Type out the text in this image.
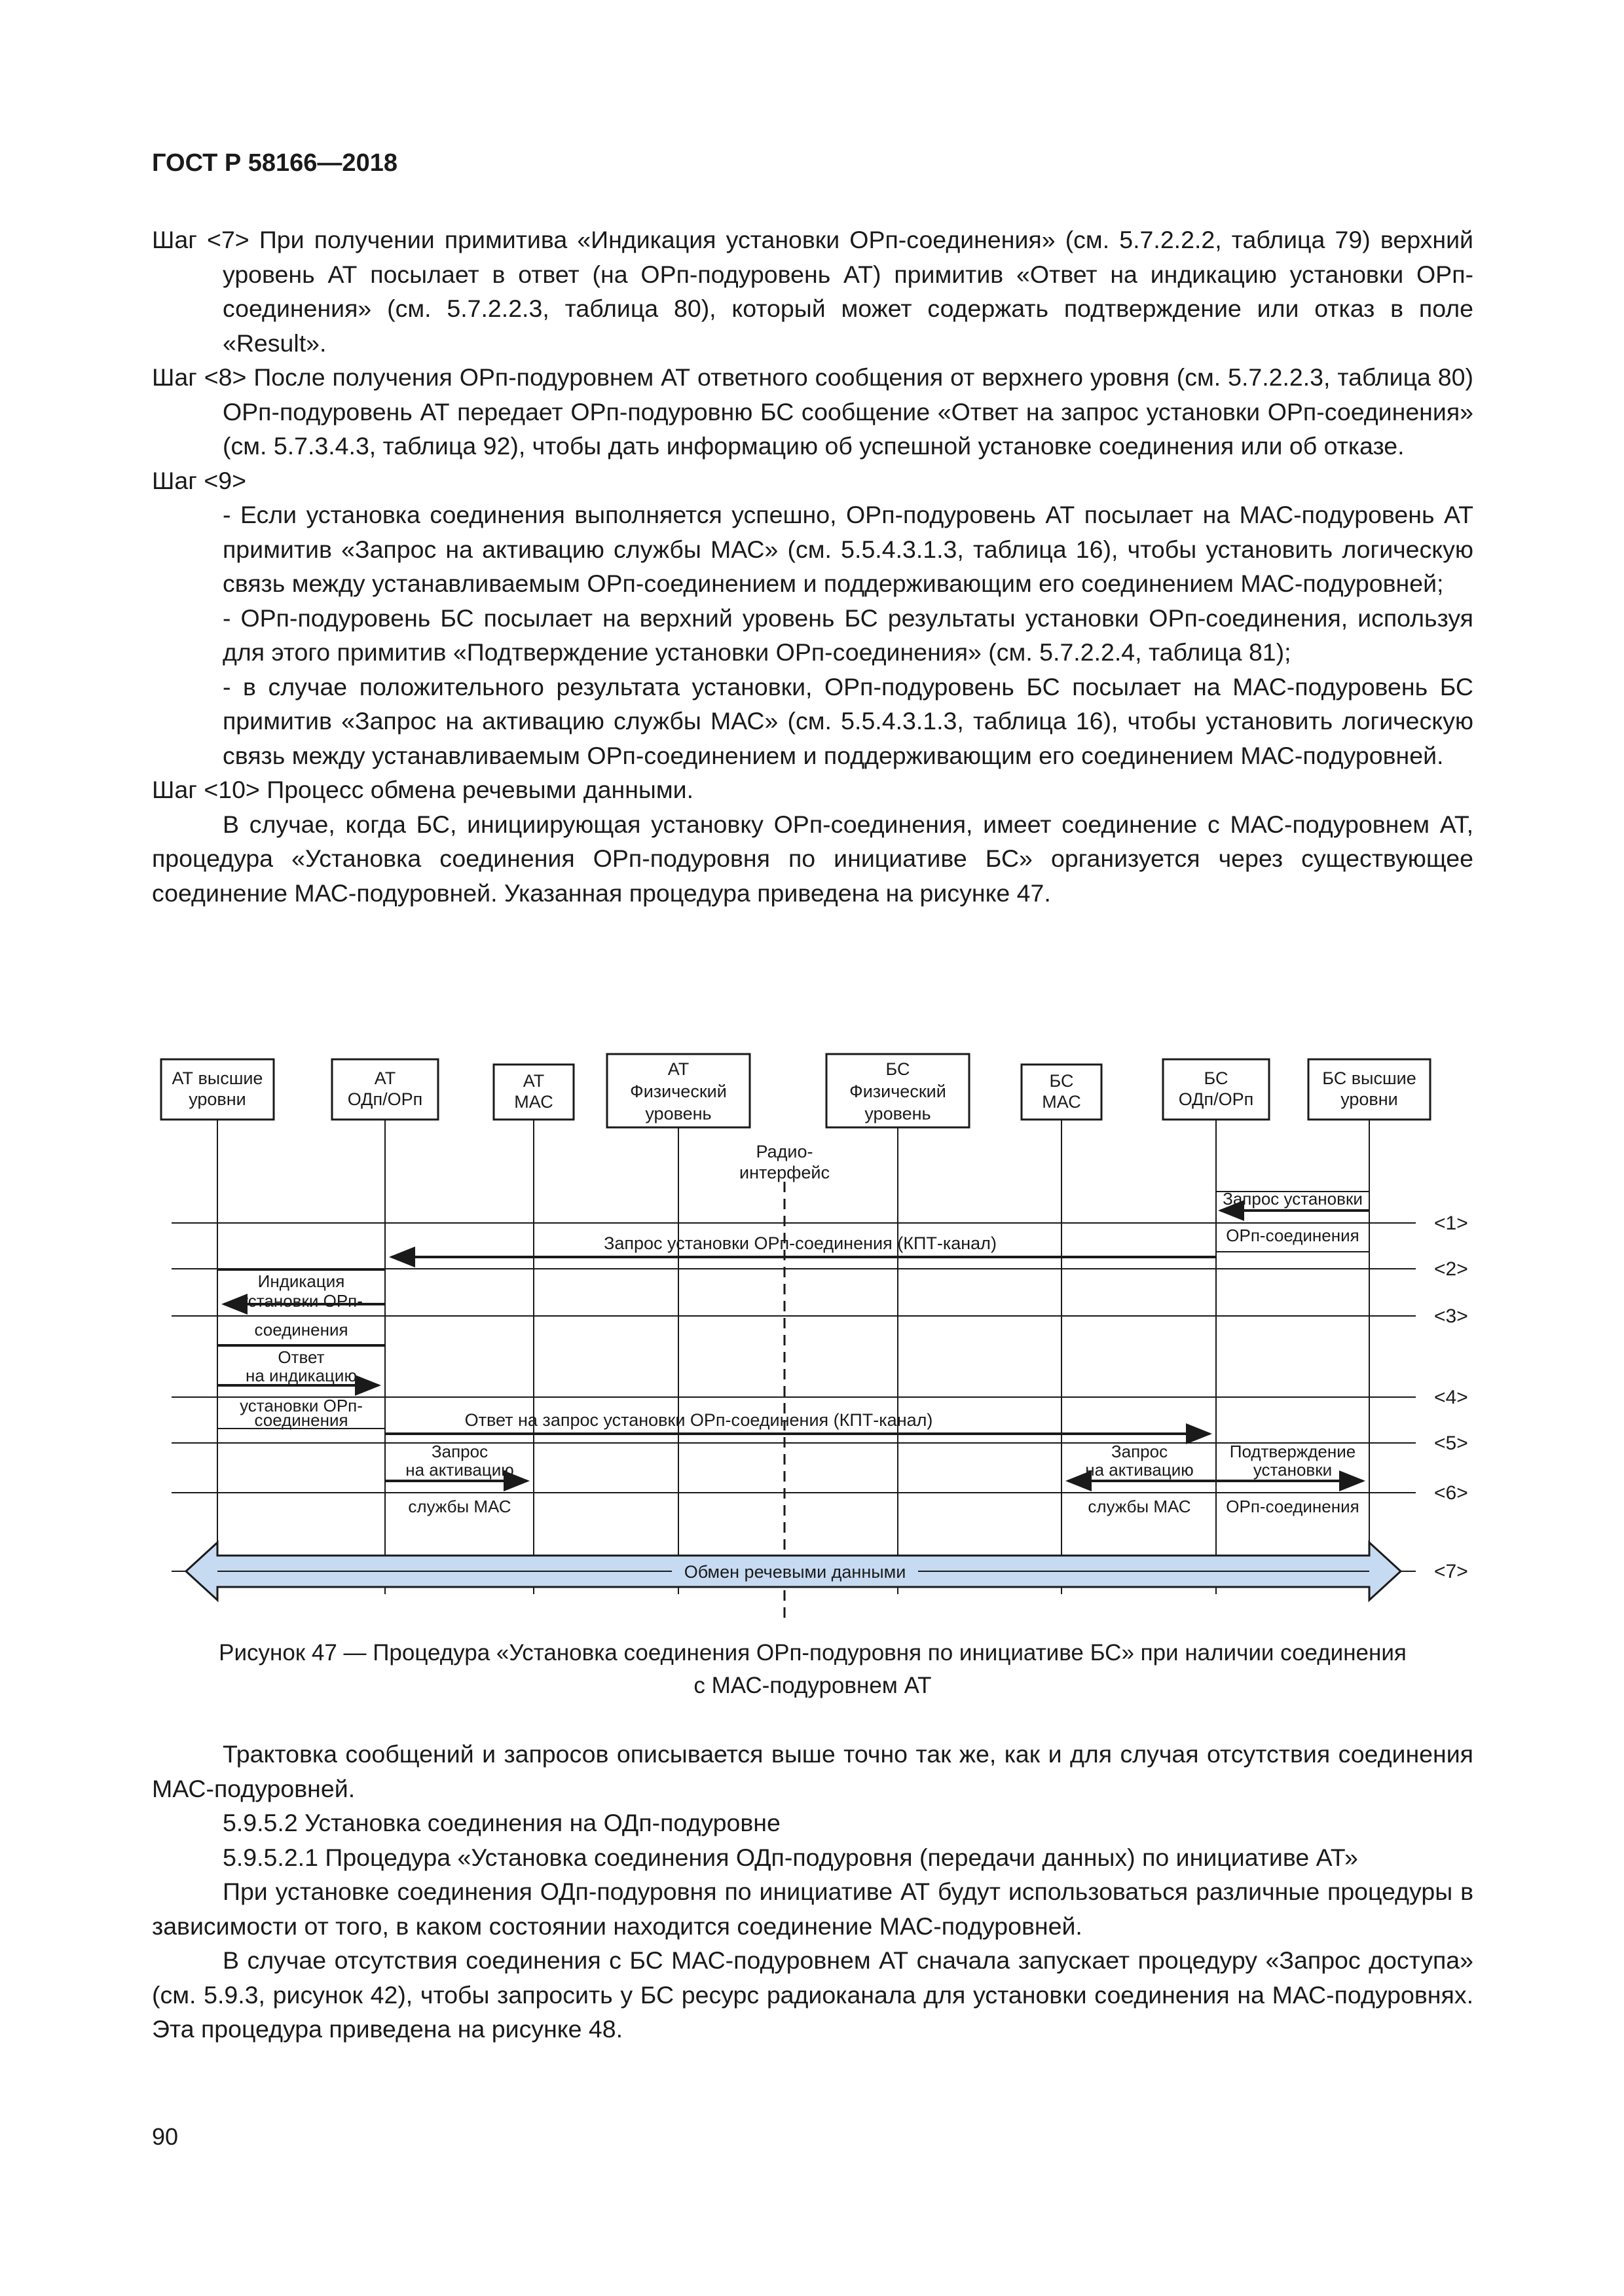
ГОСТ Р 58166—2018
Шаг <7> При получении примитива «Индикация установки ОРп-соединения» (см. 5.7.2.2.2, таблица 79) верхний уровень АТ посылает в ответ (на ОРп-подуровень АТ) примитив «Ответ на индикацию установки ОРп-соединения» (см. 5.7.2.2.3, таблица 80), который может содержать подтверждение или отказ в поле «Result».
Шаг <8> После получения ОРп-подуровнем АТ ответного сообщения от верхнего уровня (см. 5.7.2.2.3, таблица 80) ОРп-подуровень АТ передает ОРп-подуровню БС сообщение «Ответ на запрос установки ОРп-соединения» (см. 5.7.3.4.3, таблица 92), чтобы дать информацию об успешной установке соединения или об отказе.
Шаг <9>
- Если установка соединения выполняется успешно, ОРп-подуровень АТ посылает на МАС-подуровень АТ примитив «Запрос на активацию службы МАС» (см. 5.5.4.3.1.3, таблица 16), чтобы установить логическую связь между устанавливаемым ОРп-соединением и поддерживающим его соединением МАС-подуровней;
- ОРп-подуровень БС посылает на верхний уровень БС результаты установки ОРп-соединения, используя для этого примитив «Подтверждение установки ОРп-соединения» (см. 5.7.2.2.4, таблица 81);
- в случае положительного результата установки, ОРп-подуровень БС посылает на МАС-подуровень БС примитив «Запрос на активацию службы МАС» (см. 5.5.4.3.1.3, таблица 16), чтобы установить логическую связь между устанавливаемым ОРп-соединением и поддерживающим его соединением МАС-подуровней.
Шаг <10> Процесс обмена речевыми данными.
В случае, когда БС, инициирующая установку ОРп-соединения, имеет соединение с МАС-подуровнем АТ, процедура «Установка соединения ОРп-подуровня по инициативе БС» организуется через существующее соединение МАС-подуровней. Указанная процедура приведена на рисунке 47.
АТ высшие
уровни
АТ
ОДп/ОРп
АТ
МАС
АТ
Физический
уровень
БС
Физический
уровень
БС
МАС
БС
ОДп/ОРп
БС высшие
уровни
Радио-
интерфейс
<1>
<2>
<3>
<4>
<5>
<6>
<7>
Запрос установки
ОРп-соединения
Запрос установки ОРп-соединения (КПТ-канал)
Индикация
установки ОРп-
соединения
Ответ
на индикацию
установки ОРп-
соединения	Ответ на запрос установки ОРп-соединения (КПТ-канал)
Запрос
на активацию
службы МАС
Запрос
на активацию
службы МАС
Подтверждение
установки
ОРп-соединения
Обмен речевыми данными
Рисунок 47 — Процедура «Установка соединения ОРп-подуровня по инициативе БС» при наличии соединения
с МАС-подуровнем АТ
Трактовка сообщений и запросов описывается выше точно так же, как и для случая отсутствия соединения МАС-подуровней.
5.9.5.2 Установка соединения на ОДп-подуровне
5.9.5.2.1 Процедура «Установка соединения ОДп-подуровня (передачи данных) по инициативе АТ»
При установке соединения ОДп-подуровня по инициативе АТ будут использоваться различные процедуры в зависимости от того, в каком состоянии находится соединение МАС-подуровней.
В случае отсутствия соединения с БС МАС-подуровнем АТ сначала запускает процедуру «Запрос доступа» (см. 5.9.3, рисунок 42), чтобы запросить у БС ресурс радиоканала для установки соединения на МАС-подуровнях. Эта процедура приведена на рисунке 48.
90
